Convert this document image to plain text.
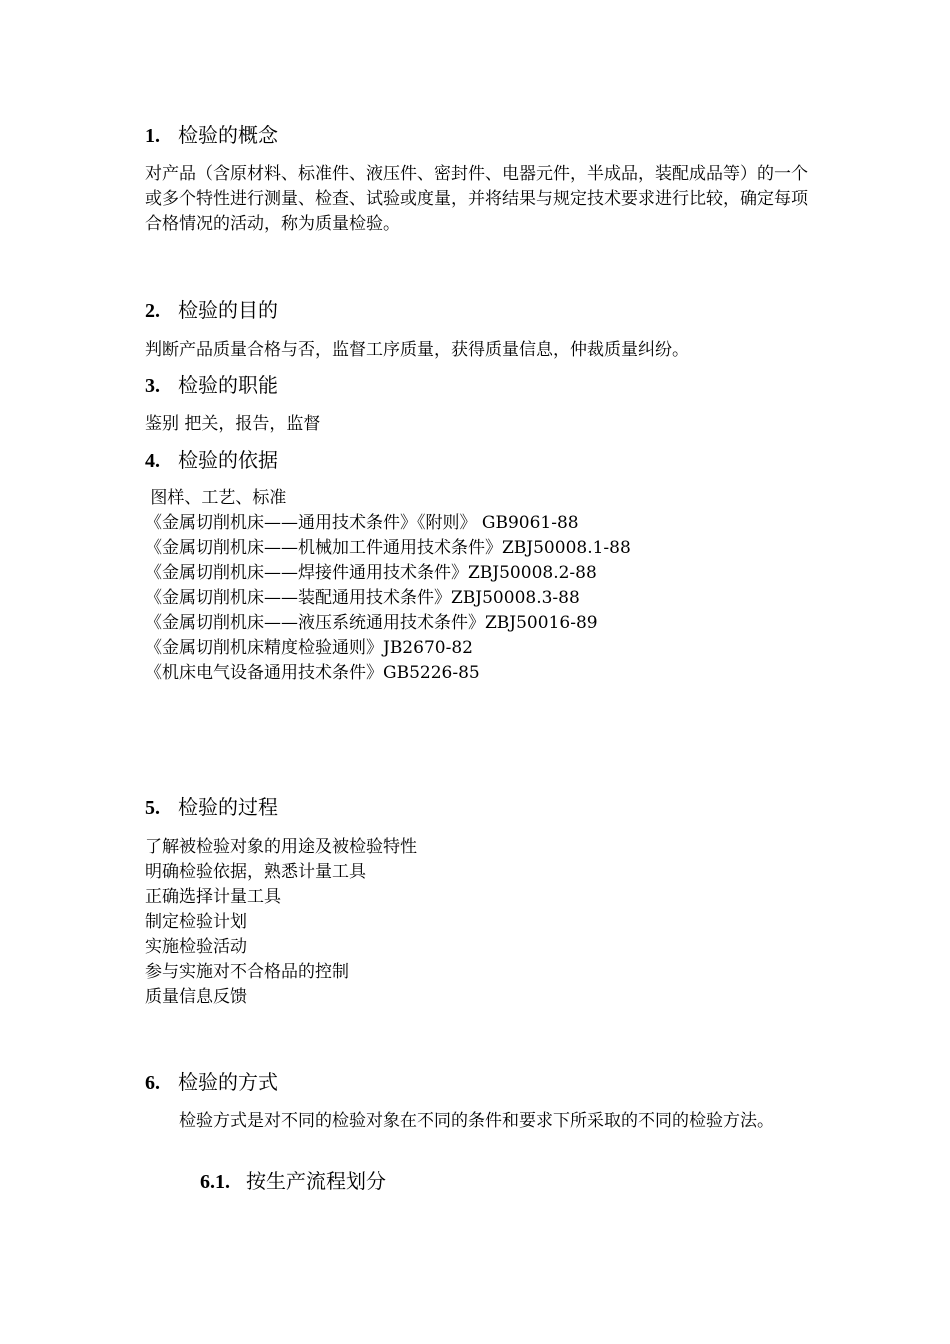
1. 检验的概念
对产品（含原材料、标准件、液压件、密封件、电器元件，半成品，装配成品等）的一个或多个特性进行测量、检查、试验或度量，并将结果与规定技术要求进行比较，确定每项合格情况的活动，称为质量检验。
2. 检验的目的
判断产品质量合格与否，监督工序质量，获得质量信息，仲裁质量纠纷。
3. 检验的职能
鉴别 把关，报告，监督
4. 检验的依据
图样、工艺、标准
《金属切削机床——通用技术条件》《附则》 GB9061-88
《金属切削机床——机械加工件通用技术条件》ZBJ50008.1-88
《金属切削机床——焊接件通用技术条件》ZBJ50008.2-88
《金属切削机床——装配通用技术条件》ZBJ50008.3-88
《金属切削机床——液压系统通用技术条件》ZBJ50016-89
《金属切削机床精度检验通则》JB2670-82
《机床电气设备通用技术条件》GB5226-85
5. 检验的过程
了解被检验对象的用途及被检验特性
明确检验依据，熟悉计量工具
正确选择计量工具
制定检验计划
实施检验活动
参与实施对不合格品的控制
质量信息反馈
6. 检验的方式
检验方式是对不同的检验对象在不同的条件和要求下所采取的不同的检验方法。
6.1. 按生产流程划分
